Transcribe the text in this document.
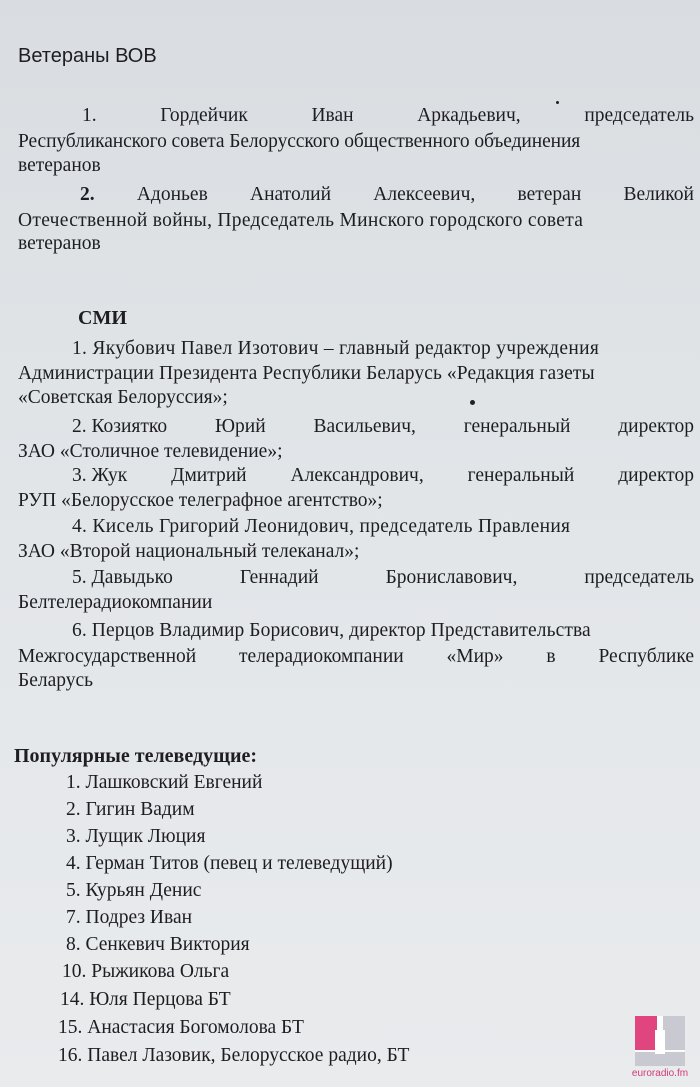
Ветераны ВОВ
1.	Гордейчик	Иван	Аркадьевич,	председатель
Республиканского совета Белорусского общественного объединения
ветеранов
2. Адоньев Анатолий Алексеевич, ветеран Великой
Отечественной войны, Председатель Минского городского совета
ветеранов
СМИ
1. Якубович Павел Изотович – главный редактор учреждения
Администрации Президента Республики Беларусь «Редакция газеты
«Советская Белоруссия»;
2. Козиятко Юрий Васильевич, генеральный директор
ЗАО «Столичное телевидение»;
3. Жук Дмитрий Александрович, генеральный директор
РУП «Белорусское телеграфное агентство»;
4. Кисель Григорий Леонидович, председатель Правления
ЗАО «Второй национальный телеканал»;
5. Давыдько	Геннадий	Брониславович,	председатель
Белтелерадиокомпании
6. Перцов Владимир Борисович, директор Представительства
Межгосударственной телерадиокомпании «Мир» в Республике
Беларусь
Популярные телеведущие:
1. Лашковский Евгений
2. Гигин Вадим
3. Лущик Люция
4. Герман Титов (певец и телеведущий)
5. Курьян Денис
7. Подрез Иван
8. Сенкевич Виктория
10. Рыжикова Ольга
14. Юля Перцова БТ
15. Анастасия Богомолова БТ
16. Павел Лазовик, Белорусское радио, БТ
euroradio.fm
